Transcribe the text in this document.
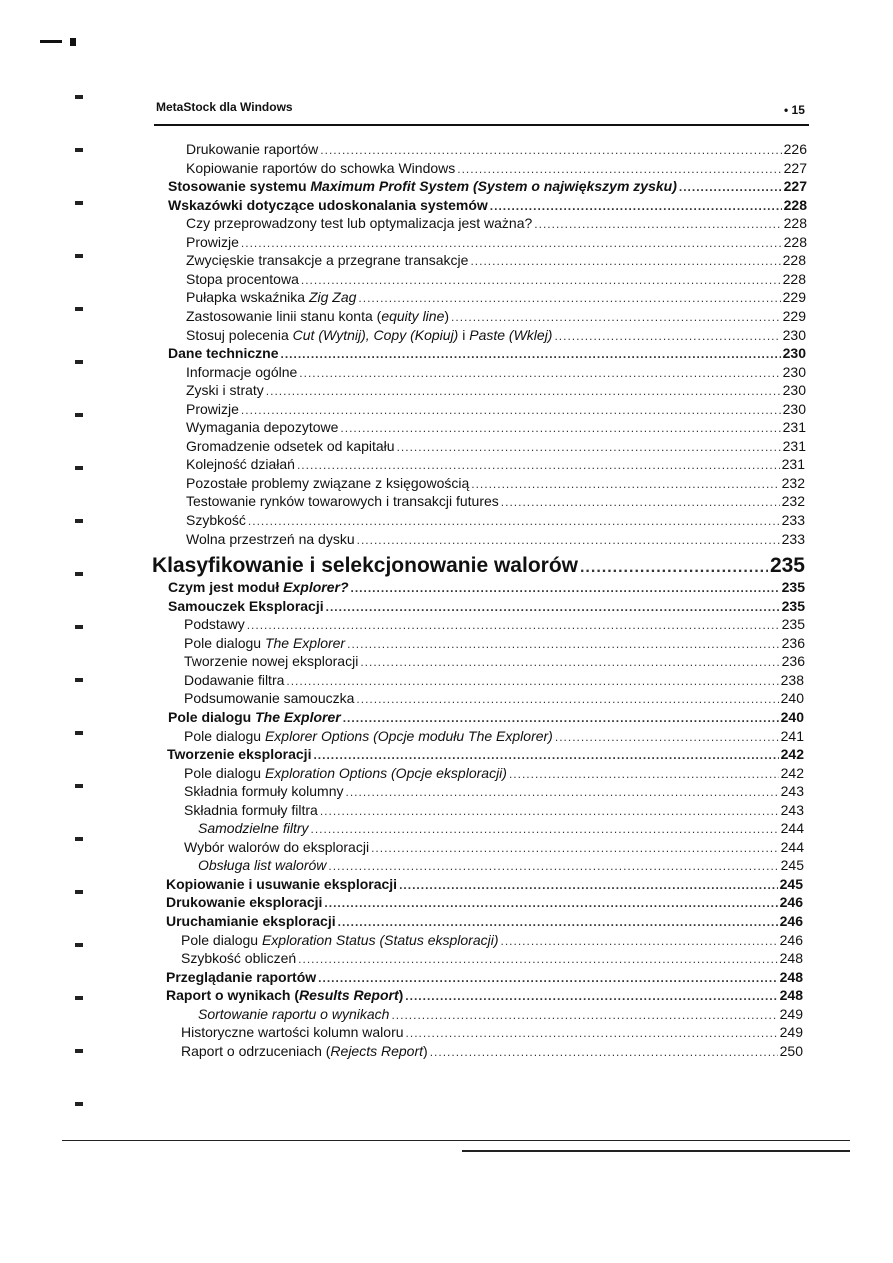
MetaStock dla Windows	• 15
Drukowanie raportów .....	226
Kopiowanie raportów do schowka Windows .....	227
Stosowanie systemu Maximum Profit System (System o największym zysku) .....	227
Wskazówki dotyczące udoskonalania systemów .....	228
Czy przeprowadzony test lub optymalizacja jest ważna? .....	228
Prowizje .....	228
Zwycięskie transakcje a przegrane transakcje .....	228
Stopa procentowa .....	228
Pułapka wskaźnika Zig Zag .....	229
Zastosowanie linii stanu konta (equity line) .....	229
Stosuj polecenia Cut (Wytnij), Copy (Kopiuj) i Paste (Wklej) .....	230
Dane techniczne .....	230
Informacje ogólne .....	230
Zyski i straty .....	230
Prowizje .....	230
Wymagania depozytowe .....	231
Gromadzenie odsetek od kapitału .....	231
Kolejność działań .....	231
Pozostałe problemy związane z księgowością .....	232
Testowanie rynków towarowych i transakcji futures .....	232
Szybkość .....	233
Wolna przestrzeń na dysku .....	233
Klasyfikowanie i selekcjonowanie walorów .....	235
Czym jest moduł Explorer? .....	235
Samouczek Eksploracji .....	235
Podstawy .....	235
Pole dialogu The Explorer .....	236
Tworzenie nowej eksploracji .....	236
Dodawanie filtra .....	238
Podsumowanie samouczka .....	240
Pole dialogu The Explorer .....	240
Pole dialogu Explorer Options (Opcje modułu The Explorer) .....	241
Tworzenie eksploracji .....	242
Pole dialogu Exploration Options (Opcje eksploracji) .....	242
Składnia formuły kolumny .....	243
Składnia formuły filtra .....	243
Samodzielne filtry .....	244
Wybór walorów do eksploracji .....	244
Obsługa list walorów .....	245
Kopiowanie i usuwanie eksploracji .....	245
Drukowanie eksploracji .....	246
Uruchamianie eksploracji .....	246
Pole dialogu Exploration Status (Status eksploracji) .....	246
Szybkość obliczeń .....	248
Przeglądanie raportów .....	248
Raport o wynikach (Results Report) .....	248
Sortowanie raportu o wynikach .....	249
Historyczne wartości kolumn waloru .....	249
Raport o odrzuceniach (Rejects Report) .....	250
